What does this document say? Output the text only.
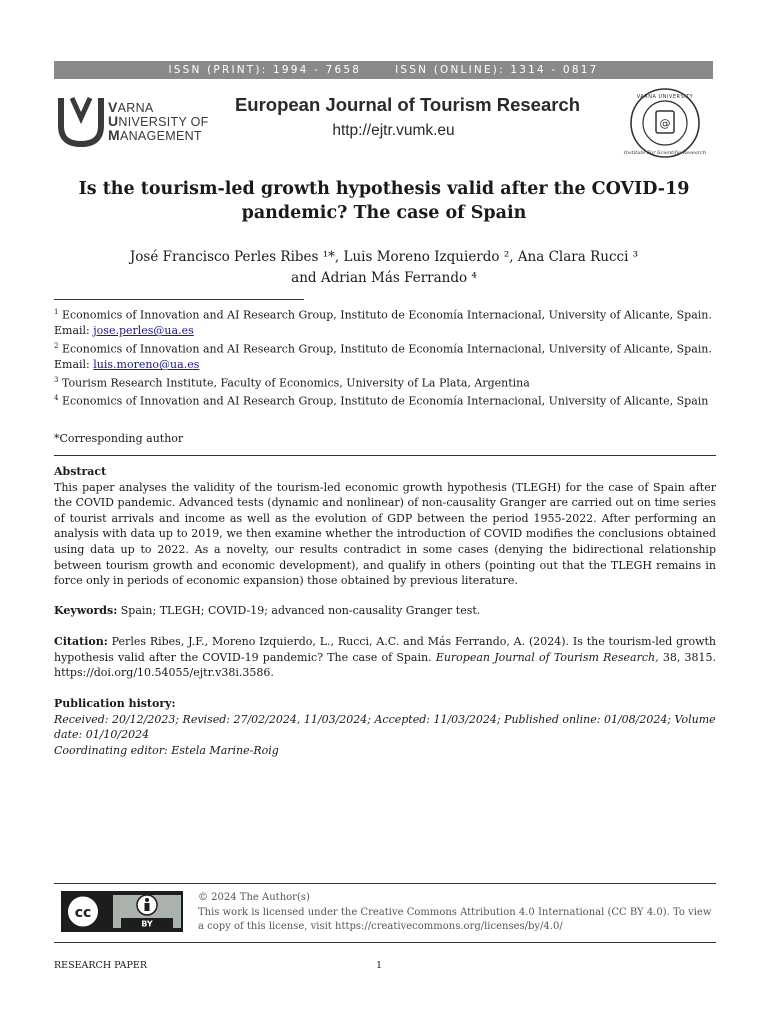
ISSN (PRINT): 1994 - 7658	ISSN (ONLINE): 1314 - 0817
VARNA
UNIVERSITY OF
MANAGEMENT
European Journal of Tourism Research
http://ejtr.vumk.eu	@
VARNA UNIVERSITY
Institute For Scientific Research
Is the tourism-led growth hypothesis valid after the COVID-19
pandemic? The case of Spain
José Francisco Perles Ribes ¹*, Luis Moreno Izquierdo ², Ana Clara Rucci ³
and Adrian Más Ferrando ⁴
$^1$ Economics of Innovation and AI Research Group, Instituto de Economía Internacional, University of Alicante, Spain. Email: jose.perles@ua.es
$^2$ Economics of Innovation and AI Research Group, Instituto de Economía Internacional, University of Alicante, Spain. Email: luis.moreno@ua.es
$^3$ Tourism Research Institute, Faculty of Economics, University of La Plata, Argentina
$^4$ Economics of Innovation and AI Research Group, Instituto de Economía Internacional, University of Alicante, Spain
*Corresponding author
Abstract

This paper analyses the validity of the tourism-led economic growth hypothesis (TLEGH) for the case of Spain after the COVID pandemic. Advanced tests (dynamic and nonlinear) of non-causality Granger are carried out on time series of tourist arrivals and income as well as the evolution of GDP between the period 1955-2022. After performing an analysis with data up to 2019, we then examine whether the introduction of COVID modifies the conclusions obtained using data up to 2022. As a novelty, our results contradict in some cases (denying the bidirectional relationship between tourism growth and economic development), and qualify in others (pointing out that the TLEGH remains in force only in periods of economic expansion) those obtained by previous literature.

Keywords: Spain; TLEGH; COVID-19; advanced non-causality Granger test.
Citation: Perles Ribes, J.F., Moreno Izquierdo, L., Rucci, A.C. and Más Ferrando, A. (2024). Is the tourism-led growth hypothesis valid after the COVID-19 pandemic? The case of Spain. European Journal of Tourism Research, 38, 3815. https://doi.org/10.54055/ejtr.v38i.3586.
Publication history:
Received: 20/12/2023; Revised: 27/02/2024, 11/03/2024; Accepted: 11/03/2024; Published online: 01/08/2024; Volume date: 01/10/2024
Coordinating editor: Estela Marine-Roig
cc
BY
© 2024 The Author(s)
This work is licensed under the Creative Commons Attribution 4.0 International (CC BY 4.0). To view a copy of this license, visit https://creativecommons.org/licenses/by/4.0/
RESEARCH PAPER	1
